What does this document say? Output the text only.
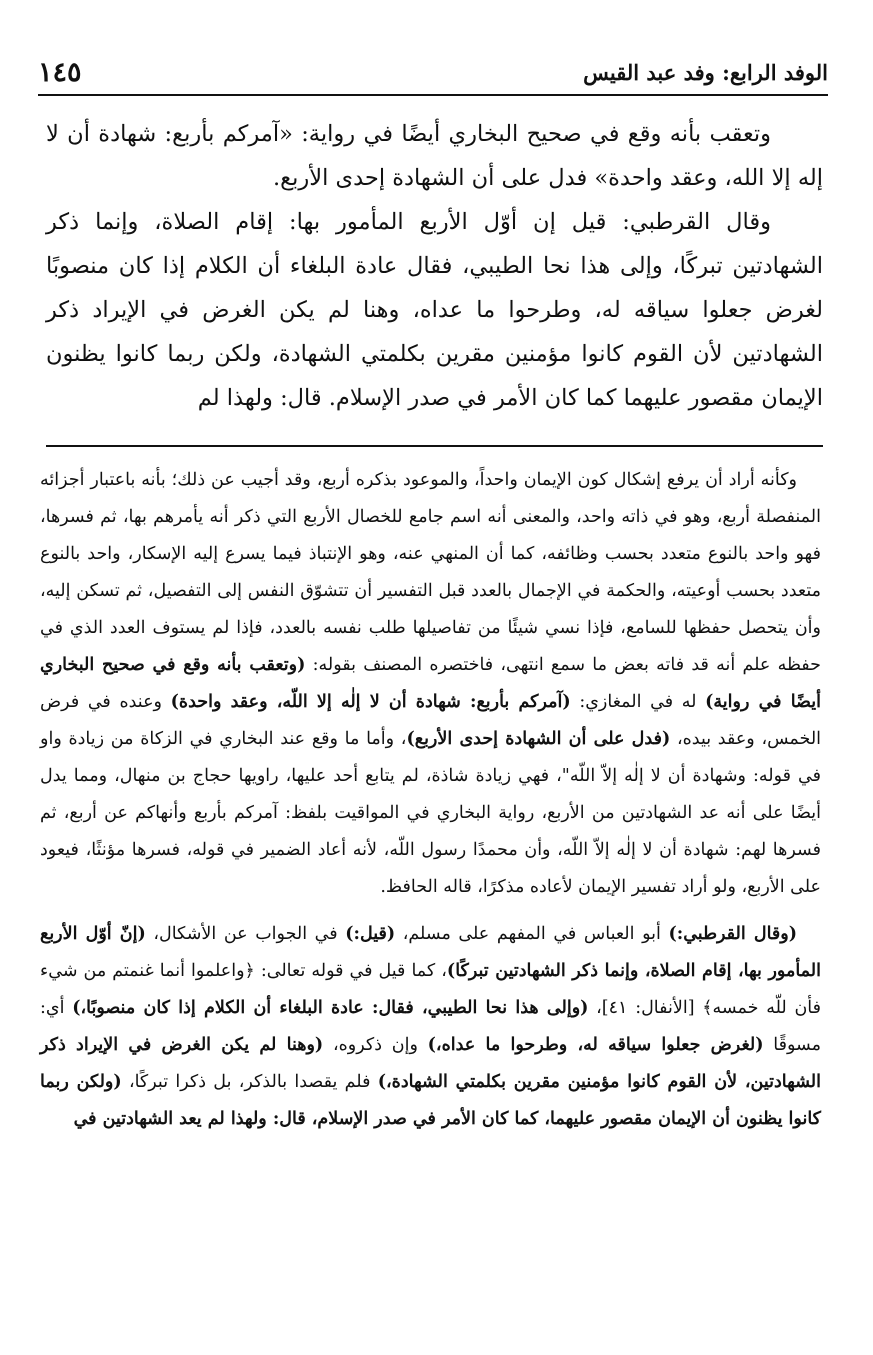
الوفد الرابع: وفد عبد القيس
١٤٥

وتعقب بأنه وقع في صحيح البخاري أيضًا في رواية: «آمركم بأربع: شهادة أن لا إله إلا الله، وعقد واحدة» فدل على أن الشهادة إحدى الأربع.

وقال القرطبي: قيل إن أوّل الأربع المأمور بها: إقام الصلاة، وإنما ذكر الشهادتين تبركًا، وإلى هذا نحا الطيبي، فقال عادة البلغاء أن الكلام إذا كان منصوبًا لغرض جعلوا سياقه له، وطرحوا ما عداه، وهنا لم يكن الغرض في الإيراد ذكر الشهادتين لأن القوم كانوا مؤمنين مقرين بكلمتي الشهادة، ولكن ربما كانوا يظنون الإيمان مقصور عليهما كما كان الأمر في صدر الإسلام. قال: ولهذا لم

وكأنه أراد أن يرفع إشكال كون الإيمان واحداً، والموعود بذكره أربع، وقد أجيب عن ذلك؛ بأنه باعتبار أجزائه المنفصلة أربع، وهو في ذاته واحد، والمعنى أنه اسم جامع للخصال الأربع التي ذكر أنه يأمرهم بها، ثم فسرها، فهو واحد بالنوع متعدد بحسب وظائفه، كما أن المنهي عنه، وهو الإنتباذ فيما يسرع إليه الإسكار، واحد بالنوع متعدد بحسب أوعيته، والحكمة في الإجمال بالعدد قبل التفسير أن تتشوّق النفس إلى التفصيل، ثم تسكن إليه، وأن يتحصل حفظها للسامع، فإذا نسي شيئًا من تفاصيلها طلب نفسه بالعدد، فإذا لم يستوف العدد الذي في حفظه علم أنه قد فاته بعض ما سمع انتهى، فاختصره المصنف بقوله: (وتعقب بأنه وقع في صحيح البخاري أيضًا في رواية) له في المغازي: (آمركم بأربع: شهادة أن لا إلٰه إلا اللّه، وعقد واحدة) وعنده في فرض الخمس، وعقد بيده، (فدل على أن الشهادة إحدى الأربع)، وأما ما وقع عند البخاري في الزكاة من زيادة واو في قوله: وشهادة أن لا إلٰه إلاّ اللّه"، فهي زيادة شاذة، لم يتابع أحد عليها، راويها حجاج بن منهال، ومما يدل أيضًا على أنه عد الشهادتين من الأربع، رواية البخاري في المواقيت بلفظ: آمركم بأربع وأنهاكم عن أربع، ثم فسرها لهم: شهادة أن لا إلٰه إلاّ اللّه، وأن محمدًا رسول اللّه، لأنه أعاد الضمير في قوله، فسرها مؤنثًا، فيعود على الأربع، ولو أراد تفسير الإيمان لأعاده مذكرًا، قاله الحافظ.

(وقال القرطبي:) أبو العباس في المفهم على مسلم، (قيل:) في الجواب عن الأشكال، (إنّ أوّل الأربع المأمور بها، إقام الصلاة، وإنما ذكر الشهادتين تبركًا)، كما قيل في قوله تعالى: ﴿واعلموا أنما غنمتم من شيء فأن للّه خمسه﴾ [الأنفال: ٤١]، (وإلى هذا نحا الطيبي، فقال: عادة البلغاء أن الكلام إذا كان منصوبًا،) أي: مسوقًا (لغرض جعلوا سياقه له، وطرحوا ما عداه،) وإن ذكروه، (وهنا لم يكن الغرض في الإيراد ذكر الشهادتين، لأن القوم كانوا مؤمنين مقرين بكلمتي الشهادة،) فلم يقصدا بالذكر، بل ذكرا تبركًا، (ولكن ربما كانوا يظنون أن الإيمان مقصور عليهما، كما كان الأمر في صدر الإسلام، قال: ولهذا لم يعد الشهادتين في
